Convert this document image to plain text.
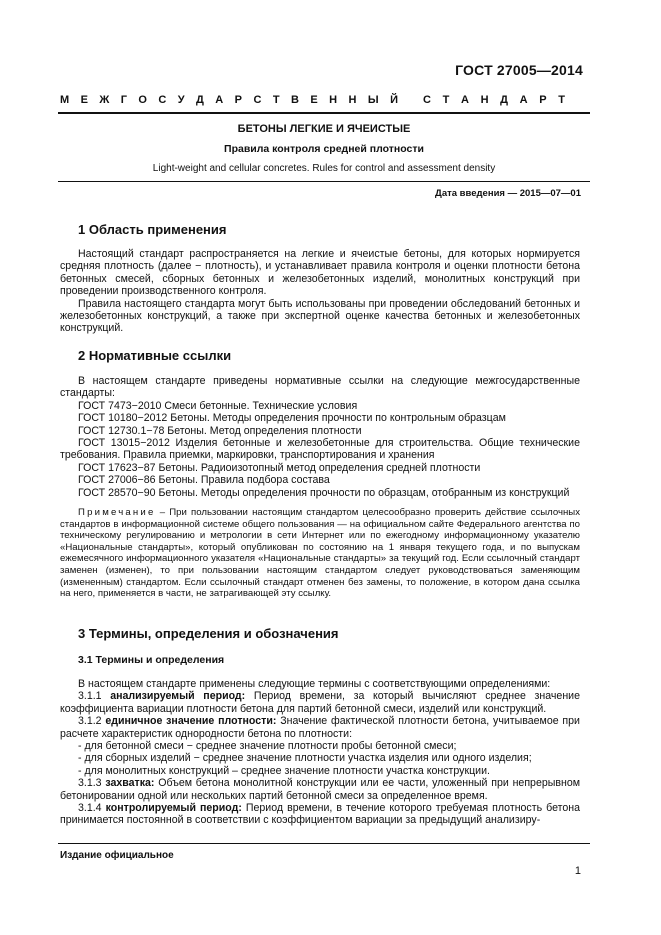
ГОСТ 27005—2014
М Е Ж Г О С У Д А Р С Т В Е Н Н Ы Й С Т А Н Д А Р Т
БЕТОНЫ ЛЕГКИЕ И ЯЧЕИСТЫЕ
Правила контроля средней плотности
Light-weight and cellular concretes. Rules for control and assessment density
Дата введения — 2015—07—01
1 Область применения

Настоящий стандарт распространяется на легкие и ячеистые бетоны, для которых нормируется средняя плотность (далее − плотность), и устанавливает правила контроля и оценки плотности бетона бетонных смесей, сборных бетонных и железобетонных изделий, монолитных конструкций при проведении производственного контроля.

Правила настоящего стандарта могут быть использованы при проведении обследований бетонных и железобетонных конструкций, а также при экспертной оценке качества бетонных и железобетонных конструкций.

2 Нормативные ссылки

В настоящем стандарте приведены нормативные ссылки на следующие межгосударственные стандарты:

ГОСТ 7473−2010 Смеси бетонные. Технические условия

ГОСТ 10180−2012 Бетоны. Методы определения прочности по контрольным образцам

ГОСТ 12730.1−78 Бетоны. Метод определения плотности

ГОСТ 13015−2012 Изделия бетонные и железобетонные для строительства. Общие технические требования. Правила приемки, маркировки, транспортирования и хранения

ГОСТ 17623−87 Бетоны. Радиоизотопный метод определения средней плотности

ГОСТ 27006−86 Бетоны. Правила подбора состава

ГОСТ 28570−90 Бетоны. Методы определения прочности по образцам, отобранным из конструкций

Примечание – При пользовании настоящим стандартом целесообразно проверить действие ссылочных стандартов в информационной системе общего пользования — на официальном сайте Федерального агентства по техническому регулированию и метрологии в сети Интернет или по ежегодному информационному указателю «Национальные стандарты», который опубликован по состоянию на 1 января текущего года, и по выпускам ежемесячного информационного указателя «Национальные стандарты» за текущий год. Если ссылочный стандарт заменен (изменен), то при пользовании настоящим стандартом следует руководствоваться заменяющим (измененным) стандартом. Если ссылочный стандарт отменен без замены, то положение, в котором дана ссылка на него, применяется в части, не затрагивающей эту ссылку.

3 Термины, определения и обозначения
3.1 Термины и определения

В настоящем стандарте применены следующие термины с соответствующими определениями:

3.1.1 анализируемый период: Период времени, за который вычисляют среднее значение коэффициента вариации плотности бетона для партий бетонной смеси, изделий или конструкций.

3.1.2 единичное значение плотности: Значение фактической плотности бетона, учитываемое при расчете характеристик однородности бетона по плотности:

- для бетонной смеси − среднее значение плотности пробы бетонной смеси;

- для сборных изделий − среднее значение плотности участка изделия или одного изделия;

- для монолитных конструкций – среднее значение плотности участка конструкции.

3.1.3 захватка: Объем бетона монолитной конструкции или ее части, уложенный при непрерывном бетонировании одной или нескольких партий бетонной смеси за определенное время.

3.1.4 контролируемый период: Период времени, в течение которого требуемая плотность бетона принимается постоянной в соответствии с коэффициентом вариации за предыдущий анализиру-

Издание официальное
1
